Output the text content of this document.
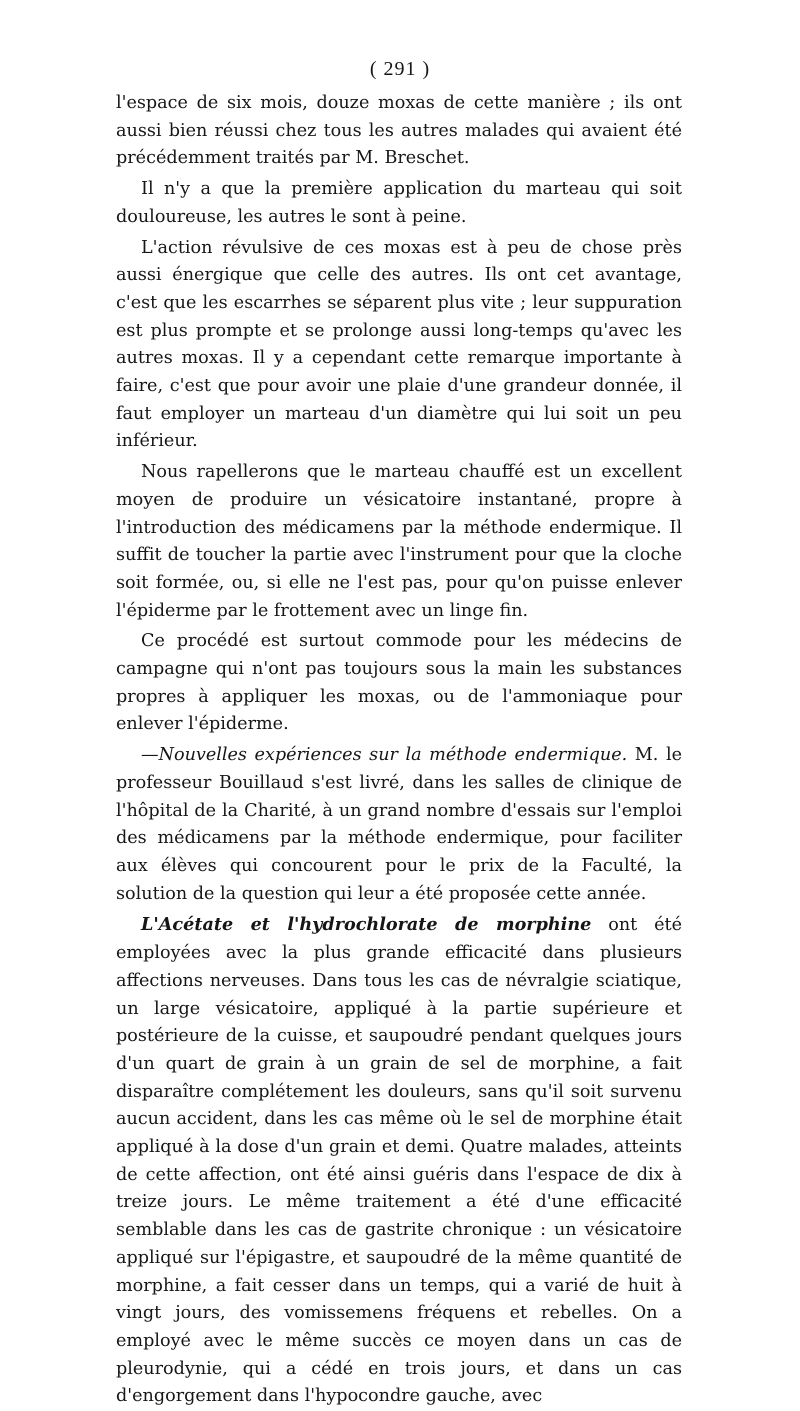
( 291 )

l'espace de six mois, douze moxas de cette manière ; ils ont aussi bien réussi chez tous les autres malades qui avaient été précédemment traités par M. Breschet.

Il n'y a que la première application du marteau qui soit douloureuse, les autres le sont à peine.

L'action révulsive de ces moxas est à peu de chose près aussi énergique que celle des autres. Ils ont cet avantage, c'est que les escarrhes se séparent plus vite ; leur suppuration est plus prompte et se prolonge aussi long-temps qu'avec les autres moxas. Il y a cependant cette remarque importante à faire, c'est que pour avoir une plaie d'une grandeur donnée, il faut employer un marteau d'un diamètre qui lui soit un peu inférieur.

Nous rapellerons que le marteau chauffé est un excellent moyen de produire un vésicatoire instantané, propre à l'introduction des médicamens par la méthode endermique. Il suffit de toucher la partie avec l'instrument pour que la cloche soit formée, ou, si elle ne l'est pas, pour qu'on puisse enlever l'épiderme par le frottement avec un linge fin.

Ce procédé est surtout commode pour les médecins de campagne qui n'ont pas toujours sous la main les substances propres à appliquer les moxas, ou de l'ammoniaque pour enlever l'épiderme.

—Nouvelles expériences sur la méthode endermique. M. le professeur Bouillaud s'est livré, dans les salles de clinique de l'hôpital de la Charité, à un grand nombre d'essais sur l'emploi des médicamens par la méthode endermique, pour faciliter aux élèves qui concourent pour le prix de la Faculté, la solution de la question qui leur a été proposée cette année.

L'Acétate et l'hydrochlorate de morphine ont été employées avec la plus grande efficacité dans plusieurs affections nerveuses. Dans tous les cas de névralgie sciatique, un large vésicatoire, appliqué à la partie supérieure et postérieure de la cuisse, et saupoudré pendant quelques jours d'un quart de grain à un grain de sel de morphine, a fait disparaître complétement les douleurs, sans qu'il soit survenu aucun accident, dans les cas même où le sel de morphine était appliqué à la dose d'un grain et demi. Quatre malades, atteints de cette affection, ont été ainsi guéris dans l'espace de dix à treize jours. Le même traitement a été d'une efficacité semblable dans les cas de gastrite chronique : un vésicatoire appliqué sur l'épigastre, et saupoudré de la même quantité de morphine, a fait cesser dans un temps, qui a varié de huit à vingt jours, des vomissemens fréquens et rebelles. On a employé avec le même succès ce moyen dans un cas de pleurodynie, qui a cédé en trois jours, et dans un cas d'engorgement dans l'hypocondre gauche, avec
